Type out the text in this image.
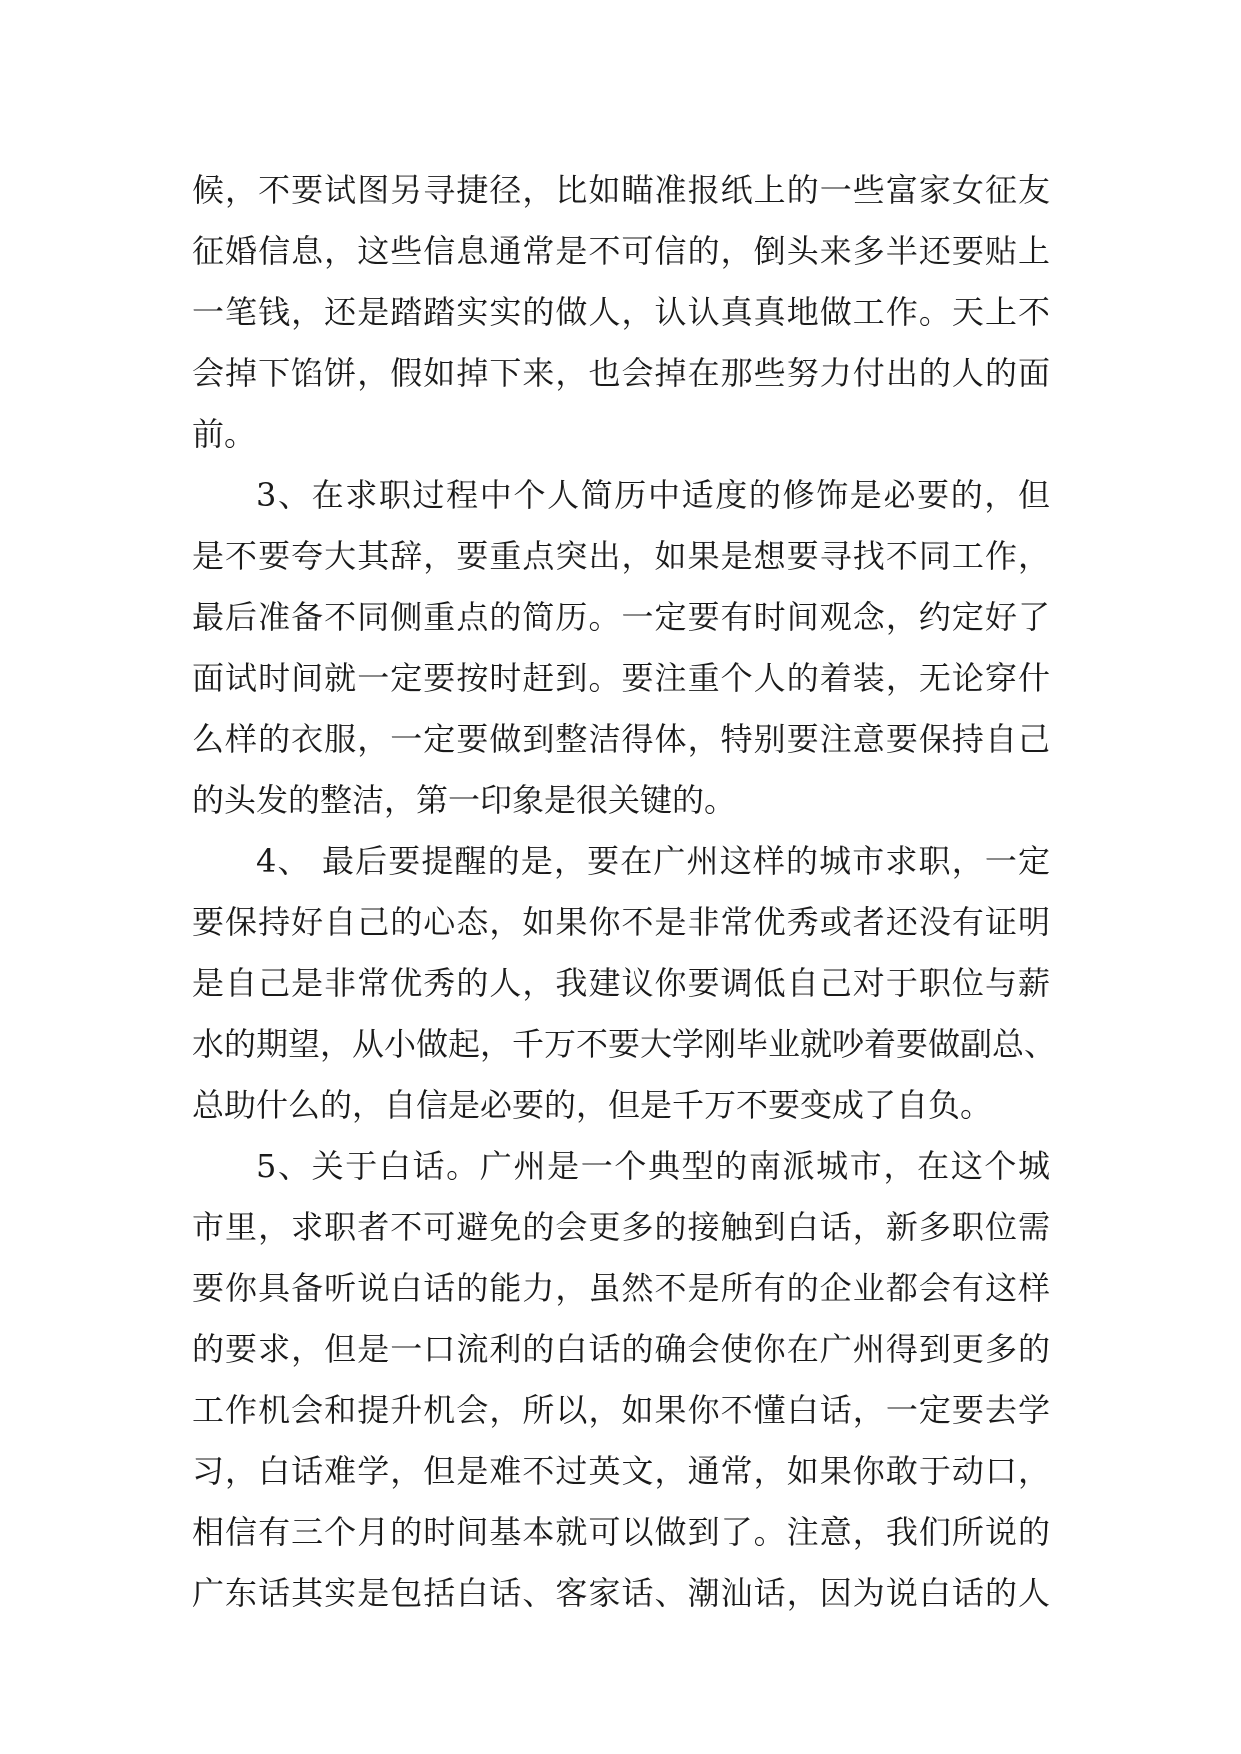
候，不要试图另寻捷径，比如瞄准报纸上的一些富家女征友
征婚信息，这些信息通常是不可信的，倒头来多半还要贴上
一笔钱，还是踏踏实实的做人，认认真真地做工作。天上不
会掉下馅饼，假如掉下来，也会掉在那些努力付出的人的面
前。
3、在求职过程中个人简历中适度的修饰是必要的，但
是不要夸大其辞，要重点突出，如果是想要寻找不同工作，
最后准备不同侧重点的简历。一定要有时间观念，约定好了
面试时间就一定要按时赶到。要注重个人的着装，无论穿什
么样的衣服，一定要做到整洁得体，特别要注意要保持自己
的头发的整洁，第一印象是很关键的。
4、 最后要提醒的是，要在广州这样的城市求职，一定
要保持好自己的心态，如果你不是非常优秀或者还没有证明
是自己是非常优秀的人，我建议你要调低自己对于职位与薪
水的期望，从小做起，千万不要大学刚毕业就吵着要做副总、
总助什么的，自信是必要的，但是千万不要变成了自负。
5、关于白话。广州是一个典型的南派城市，在这个城
市里，求职者不可避免的会更多的接触到白话，新多职位需
要你具备听说白话的能力，虽然不是所有的企业都会有这样
的要求，但是一口流利的白话的确会使你在广州得到更多的
工作机会和提升机会，所以，如果你不懂白话，一定要去学
习，白话难学，但是难不过英文，通常，如果你敢于动口，
相信有三个月的时间基本就可以做到了。注意，我们所说的
广东话其实是包括白话、客家话、潮汕话，因为说白话的人
